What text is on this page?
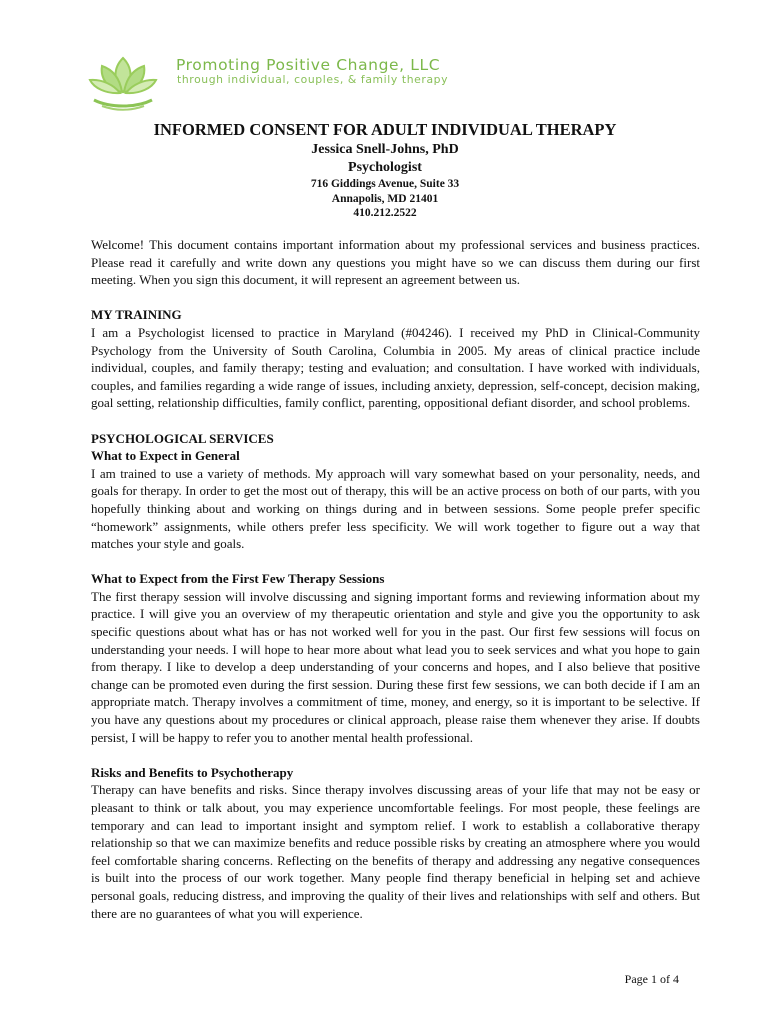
Promoting Positive Change, LLC
through individual, couples, & family therapy
INFORMED CONSENT FOR ADULT INDIVIDUAL THERAPY
Jessica Snell-Johns, PhD
Psychologist
716 Giddings Avenue, Suite 33
Annapolis, MD 21401
410.212.2522

Welcome! This document contains important information about my professional services and business practices. Please read it carefully and write down any questions you might have so we can discuss them during our first meeting. When you sign this document, it will represent an agreement between us.

MY TRAINING

I am a Psychologist licensed to practice in Maryland (#04246). I received my PhD in Clinical-Community Psychology from the University of South Carolina, Columbia in 2005. My areas of clinical practice include individual, couples, and family therapy; testing and evaluation; and consultation. I have worked with individuals, couples, and families regarding a wide range of issues, including anxiety, depression, self-concept, decision making, goal setting, relationship difficulties, family conflict, parenting, oppositional defiant disorder, and school problems.

PSYCHOLOGICAL SERVICES

What to Expect in General

I am trained to use a variety of methods. My approach will vary somewhat based on your personality, needs, and goals for therapy. In order to get the most out of therapy, this will be an active process on both of our parts, with you hopefully thinking about and working on things during and in between sessions. Some people prefer specific “homework” assignments, while others prefer less specificity. We will work together to figure out a way that matches your style and goals.

What to Expect from the First Few Therapy Sessions

The first therapy session will involve discussing and signing important forms and reviewing information about my practice. I will give you an overview of my therapeutic orientation and style and give you the opportunity to ask specific questions about what has or has not worked well for you in the past. Our first few sessions will focus on understanding your needs. I will hope to hear more about what lead you to seek services and what you hope to gain from therapy. I like to develop a deep understanding of your concerns and hopes, and I also believe that positive change can be promoted even during the first session. During these first few sessions, we can both decide if I am an appropriate match. Therapy involves a commitment of time, money, and energy, so it is important to be selective. If you have any questions about my procedures or clinical approach, please raise them whenever they arise. If doubts persist, I will be happy to refer you to another mental health professional.

Risks and Benefits to Psychotherapy

Therapy can have benefits and risks. Since therapy involves discussing areas of your life that may not be easy or pleasant to think or talk about, you may experience uncomfortable feelings. For most people, these feelings are temporary and can lead to important insight and symptom relief. I work to establish a collaborative therapy relationship so that we can maximize benefits and reduce possible risks by creating an atmosphere where you would feel comfortable sharing concerns. Reflecting on the benefits of therapy and addressing any negative consequences is built into the process of our work together. Many people find therapy beneficial in helping set and achieve personal goals, reducing distress, and improving the quality of their lives and relationships with self and others. But there are no guarantees of what you will experience.

Page 1 of 4
